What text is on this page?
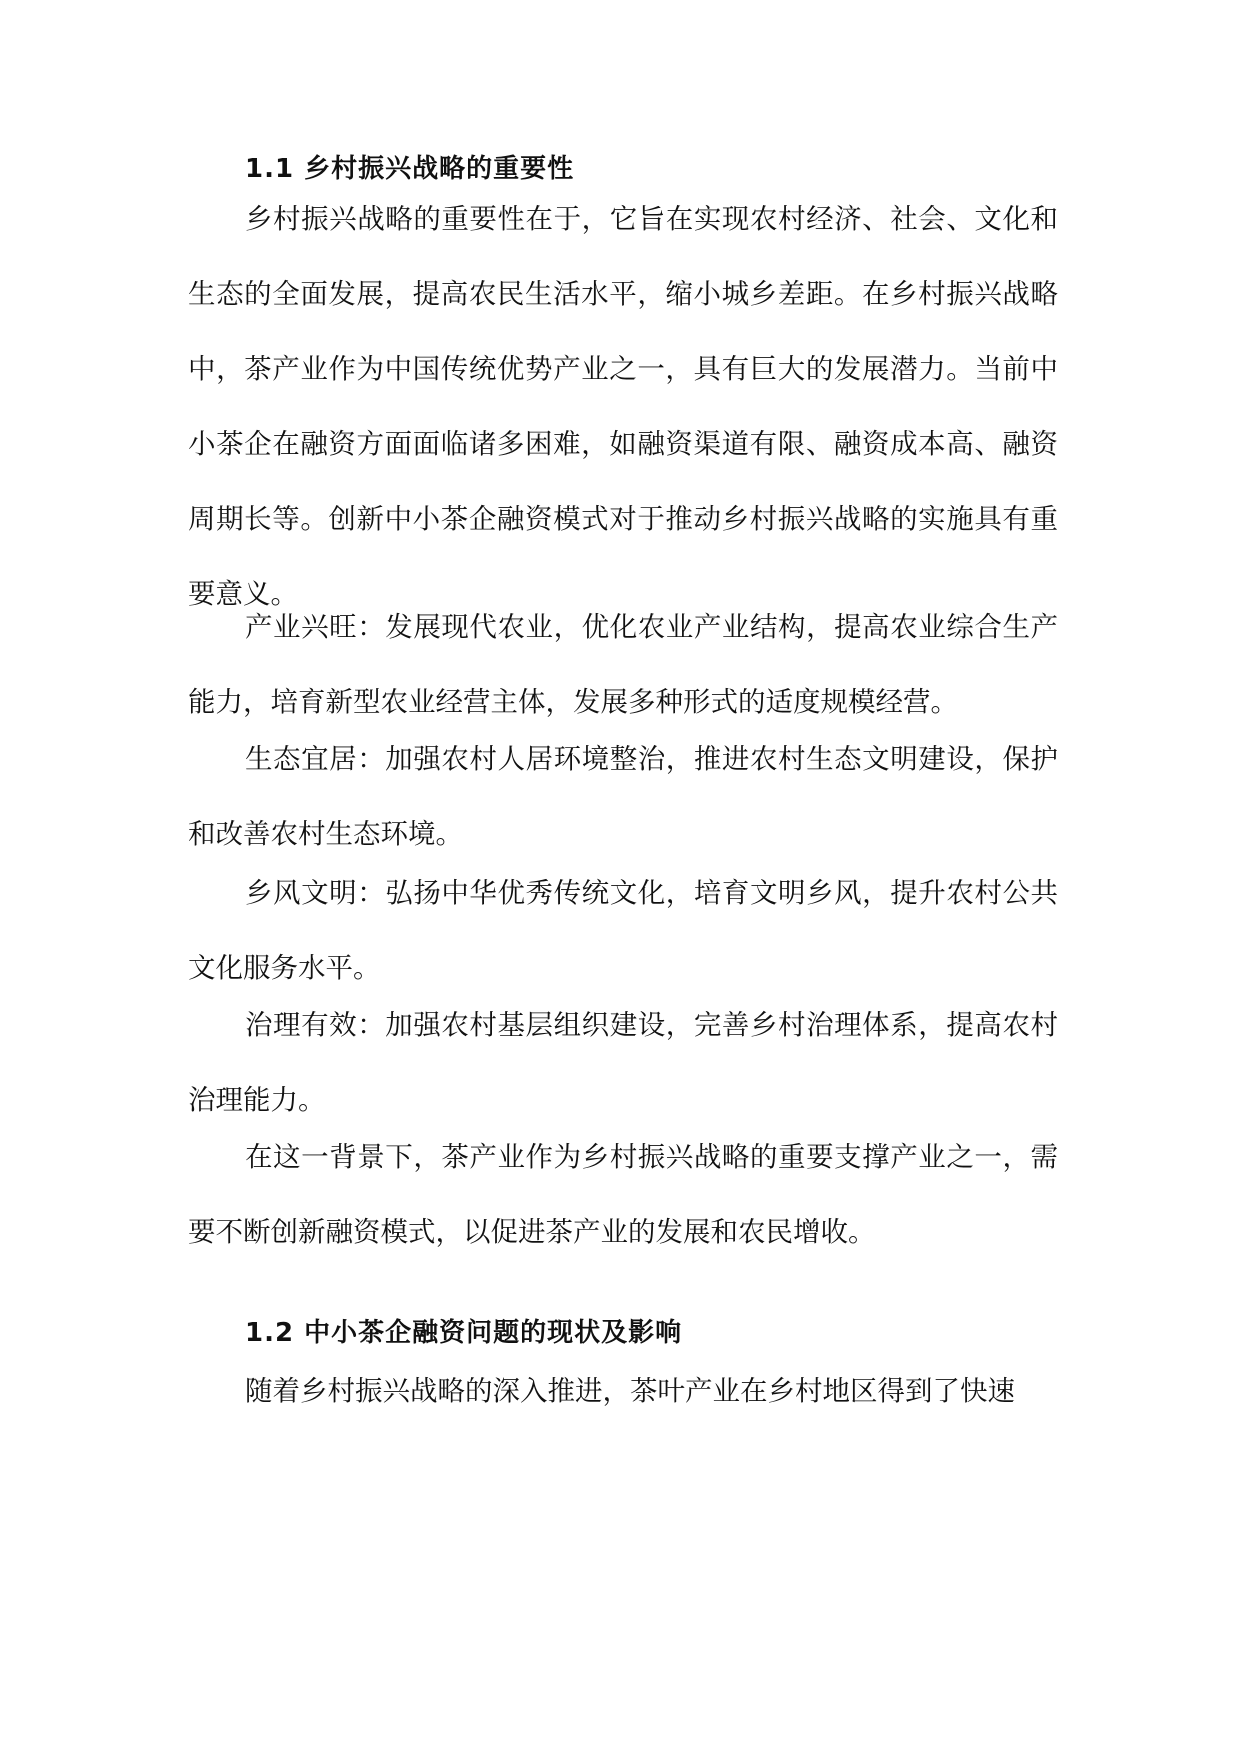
1.1 乡村振兴战略的重要性

乡村振兴战略的重要性在于，它旨在实现农村经济、社会、文化和生态的全面发展，提高农民生活水平，缩小城乡差距。在乡村振兴战略中，茶产业作为中国传统优势产业之一，具有巨大的发展潜力。当前中小茶企在融资方面面临诸多困难，如融资渠道有限、融资成本高、融资周期长等。创新中小茶企融资模式对于推动乡村振兴战略的实施具有重要意义。

产业兴旺：发展现代农业，优化农业产业结构，提高农业综合生产能力，培育新型农业经营主体，发展多种形式的适度规模经营。

生态宜居：加强农村人居环境整治，推进农村生态文明建设，保护和改善农村生态环境。

乡风文明：弘扬中华优秀传统文化，培育文明乡风，提升农村公共文化服务水平。

治理有效：加强农村基层组织建设，完善乡村治理体系，提高农村治理能力。

在这一背景下，茶产业作为乡村振兴战略的重要支撑产业之一，需要不断创新融资模式，以促进茶产业的发展和农民增收。

1.2 中小茶企融资问题的现状及影响

随着乡村振兴战略的深入推进，茶叶产业在乡村地区得到了快速
